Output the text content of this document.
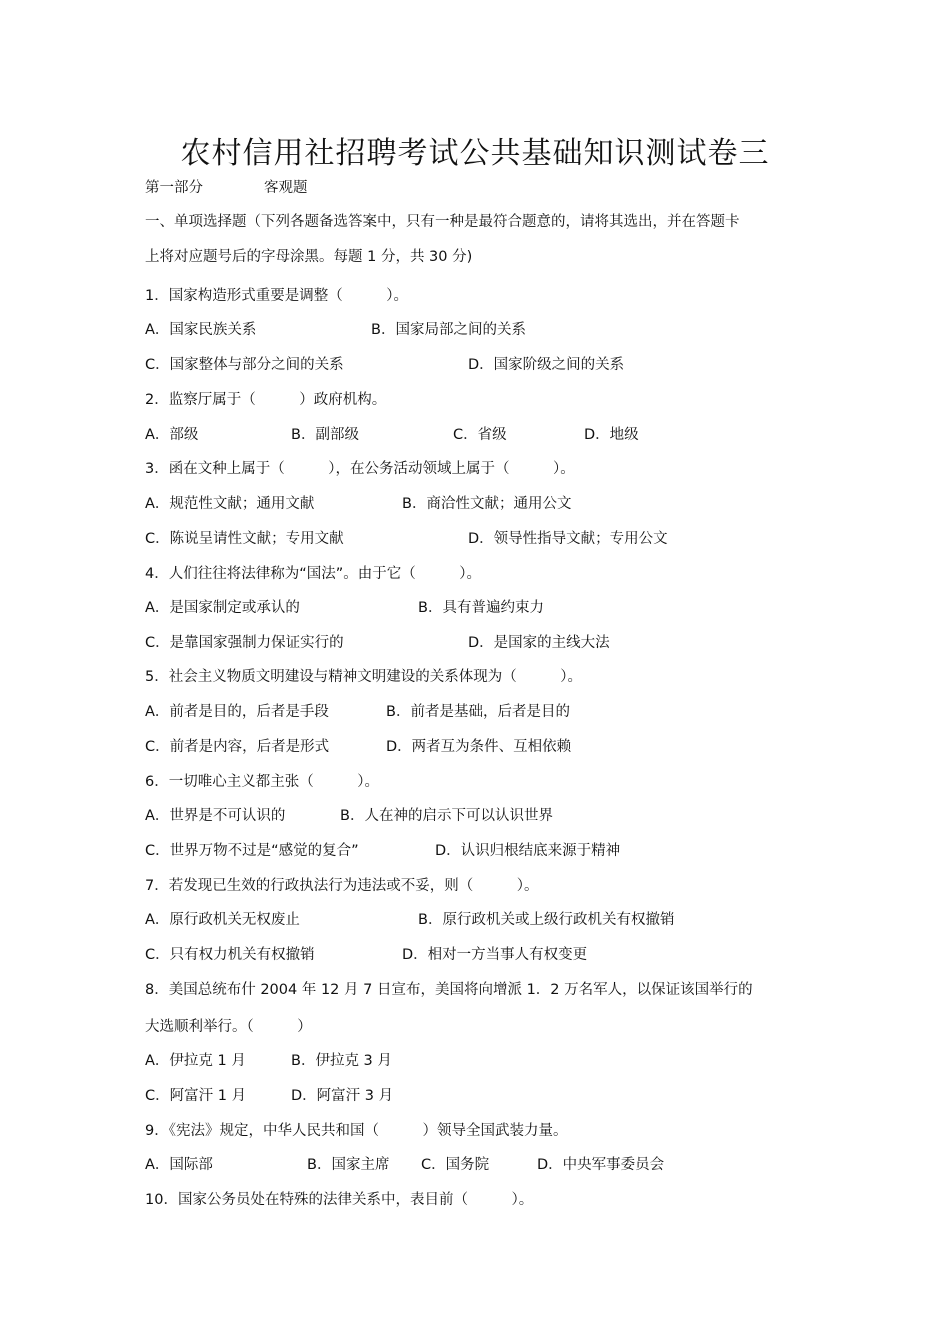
农村信用社招聘考试公共基础知识测试卷三
第一部分	客观题
一、单项选择题（下列各题备选答案中，只有一种是最符合题意的，请将其选出，并在答题卡
上将对应题号后的字母涂黑。每题 1 分，共 30 分)
1．国家构造形式重要是调整（　　　）。
A．国家民族关系	B．国家局部之间的关系
C．国家整体与部分之间的关系	D．国家阶级之间的关系
2．监察厅属于（　　　）政府机构。
A．部级	B．副部级	C．省级	D．地级
3．函在文种上属于（　　　），在公务活动领域上属于（　　　）。
A．规范性文献；通用文献	B．商洽性文献；通用公文
C．陈说呈请性文献；专用文献	D．领导性指导文献；专用公文
4．人们往往将法律称为“国法”。由于它（　　　）。
A．是国家制定或承认的	B．具有普遍约束力
C．是靠国家强制力保证实行的	D．是国家的主线大法
5．社会主义物质文明建设与精神文明建设的关系体现为（　　　）。
A．前者是目的，后者是手段	B．前者是基础，后者是目的
C．前者是内容，后者是形式	D．两者互为条件、互相依赖
6．一切唯心主义都主张（　　　）。
A．世界是不可认识的	B．人在神的启示下可以认识世界
C．世界万物不过是“感觉的复合”	D．认识归根结底来源于精神
7．若发现已生效的行政执法行为违法或不妥，则（　　　）。
A．原行政机关无权废止	B．原行政机关或上级行政机关有权撤销
C．只有权力机关有权撤销	D．相对一方当事人有权变更
8．美国总统布什 2004 年 12 月 7 日宣布，美国将向增派 1．2 万名军人，以保证该国举行的
大选顺利举行。（　　　）
A．伊拉克 1 月	B．伊拉克 3 月
C．阿富汗 1 月	D．阿富汗 3 月
9．《宪法》规定，中华人民共和国（　　　）领导全国武装力量。
A．国际部	B．国家主席 C．国务院	D．中央军事委员会
10．国家公务员处在特殊的法律关系中，表目前（　　　）。
